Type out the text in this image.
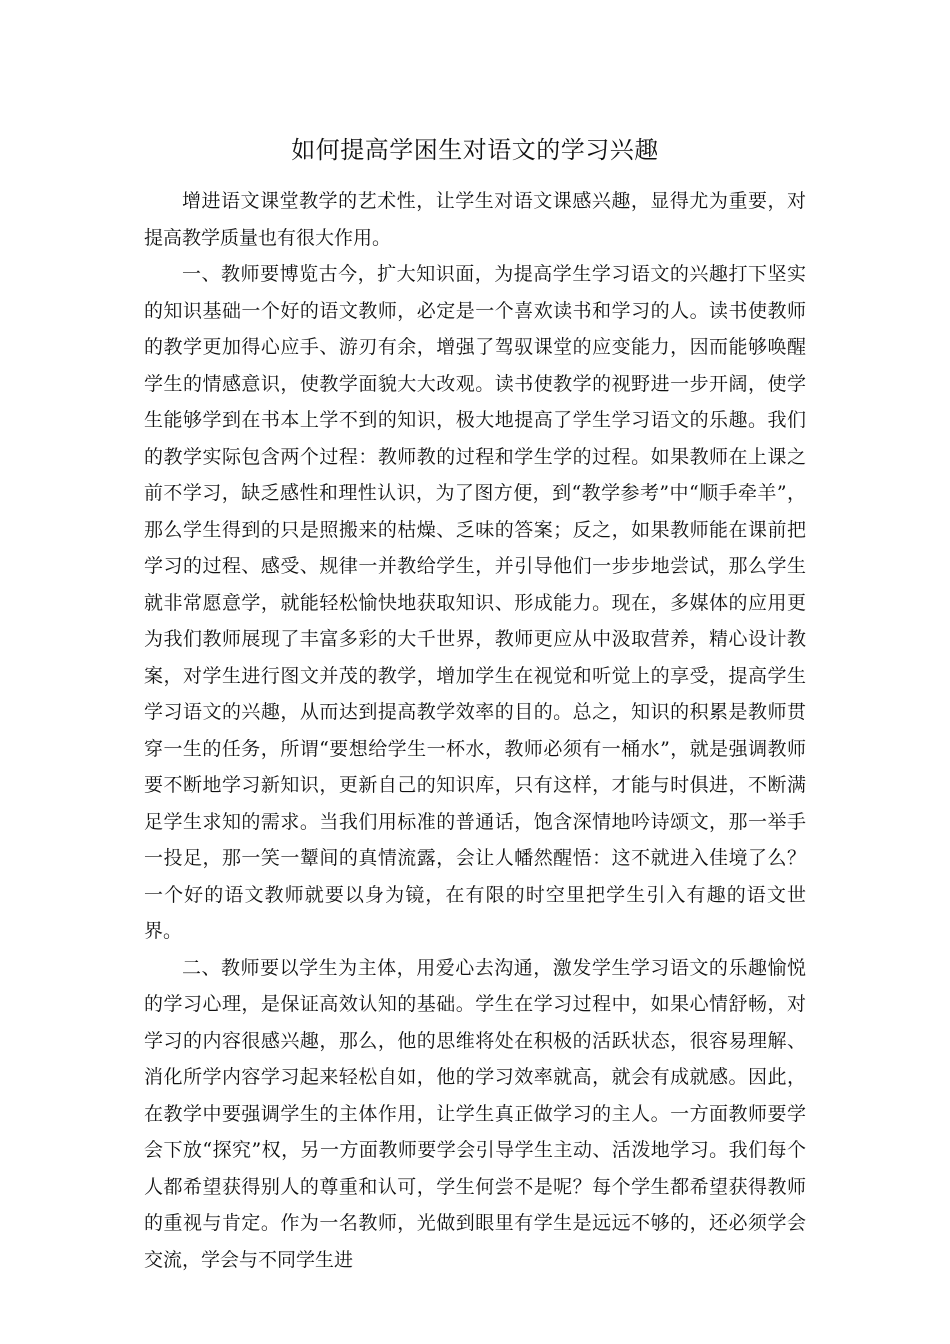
如何提高学困生对语文的学习兴趣

增进语文课堂教学的艺术性，让学生对语文课感兴趣，显得尤为重要，对提高教学质量也有很大作用。

一、教师要博览古今，扩大知识面，为提高学生学习语文的兴趣打下坚实的知识基础一个好的语文教师，必定是一个喜欢读书和学习的人。读书使教师的教学更加得心应手、游刃有余，增强了驾驭课堂的应变能力，因而能够唤醒学生的情感意识，使教学面貌大大改观。读书使教学的视野进一步开阔，使学生能够学到在书本上学不到的知识，极大地提高了学生学习语文的乐趣。我们的教学实际包含两个过程：教师教的过程和学生学的过程。如果教师在上课之前不学习，缺乏感性和理性认识，为了图方便，到“教学参考”中“顺手牵羊”，那么学生得到的只是照搬来的枯燥、乏味的答案；反之，如果教师能在课前把学习的过程、感受、规律一并教给学生，并引导他们一步步地尝试，那么学生就非常愿意学，就能轻松愉快地获取知识、形成能力。现在，多媒体的应用更为我们教师展现了丰富多彩的大千世界，教师更应从中汲取营养，精心设计教案，对学生进行图文并茂的教学，增加学生在视觉和听觉上的享受，提高学生学习语文的兴趣，从而达到提高教学效率的目的。总之，知识的积累是教师贯穿一生的任务，所谓“要想给学生一杯水，教师必须有一桶水”，就是强调教师要不断地学习新知识，更新自己的知识库，只有这样，才能与时俱进，不断满足学生求知的需求。当我们用标准的普通话，饱含深情地吟诗颂文，那一举手一投足，那一笑一颦间的真情流露，会让人幡然醒悟：这不就进入佳境了么？一个好的语文教师就要以身为镜，在有限的时空里把学生引入有趣的语文世界。

二、教师要以学生为主体，用爱心去沟通，激发学生学习语文的乐趣愉悦的学习心理，是保证高效认知的基础。学生在学习过程中，如果心情舒畅，对学习的内容很感兴趣，那么，他的思维将处在积极的活跃状态，很容易理解、消化所学内容学习起来轻松自如，他的学习效率就高，就会有成就感。因此，在教学中要强调学生的主体作用，让学生真正做学习的主人。一方面教师要学会下放“探究”权，另一方面教师要学会引导学生主动、活泼地学习。我们每个人都希望获得别人的尊重和认可，学生何尝不是呢？每个学生都希望获得教师的重视与肯定。作为一名教师，光做到眼里有学生是远远不够的，还必须学会交流，学会与不同学生进
